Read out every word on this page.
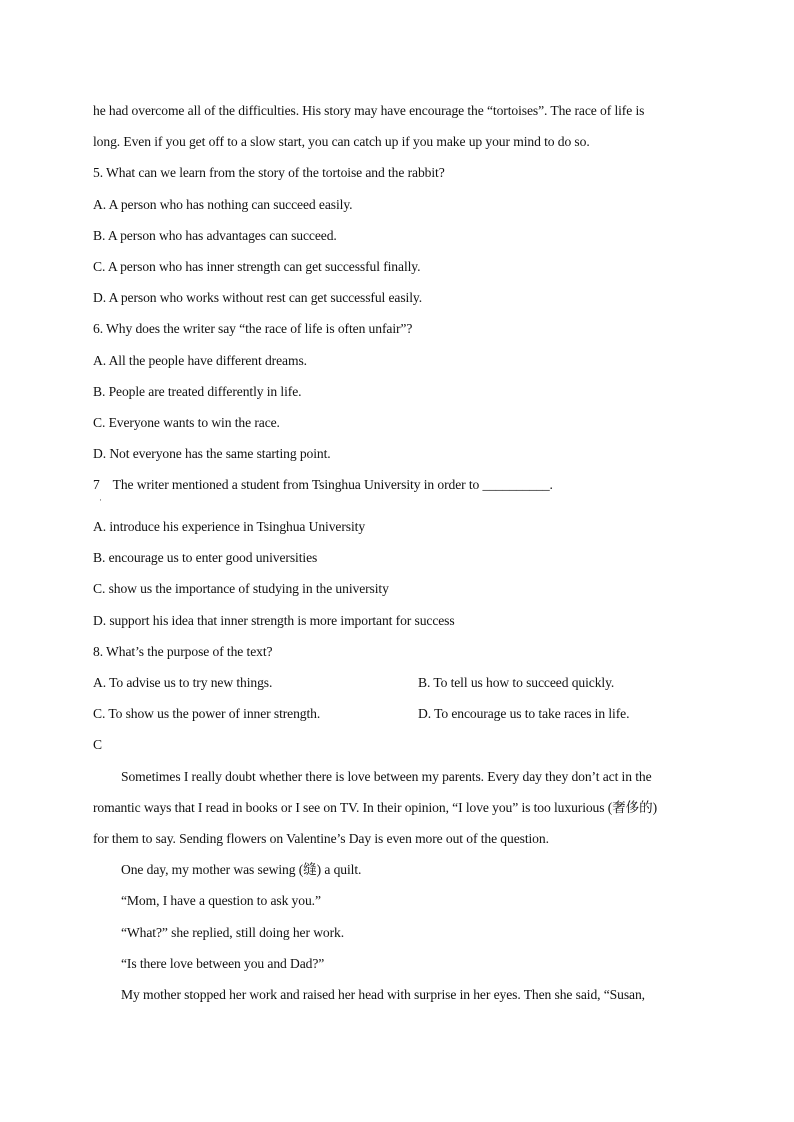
he had overcome all of the difficulties. His story may have encourage the “tortoises”. The race of life is
long. Even if you get off to a slow start, you can catch up if you make up your mind to do so.
5. What can we learn from the story of the tortoise and the rabbit?
A. A person who has nothing can succeed easily.
B. A person who has advantages can succeed.
C. A person who has inner strength can get successful finally.
D. A person who works without rest can get successful easily.
6. Why does the writer say “the race of life is often unfair”?
A. All the people have different dreams.
B. People are treated differently in life.
C. Everyone wants to win the race.
D. Not everyone has the same starting point.
7    The writer mentioned a student from Tsinghua University in order to __________.
·
A. introduce his experience in Tsinghua University
B. encourage us to enter good universities
C. show us the importance of studying in the university
D. support his idea that inner strength is more important for success
8. What’s the purpose of the text?
A. To advise us to try new things.	B. To tell us how to succeed quickly.
C. To show us the power of inner strength.	D. To encourage us to take races in life.
C
Sometimes I really doubt whether there is love between my parents. Every day they don’t act in the
romantic ways that I read in books or I see on TV. In their opinion, “I love you” is too luxurious (奢侈的)
for them to say. Sending flowers on Valentine’s Day is even more out of the question.
One day, my mother was sewing (缝) a quilt.
“Mom, I have a question to ask you.”
“What?” she replied, still doing her work.
“Is there love between you and Dad?”
My mother stopped her work and raised her head with surprise in her eyes. Then she said, “Susan,
